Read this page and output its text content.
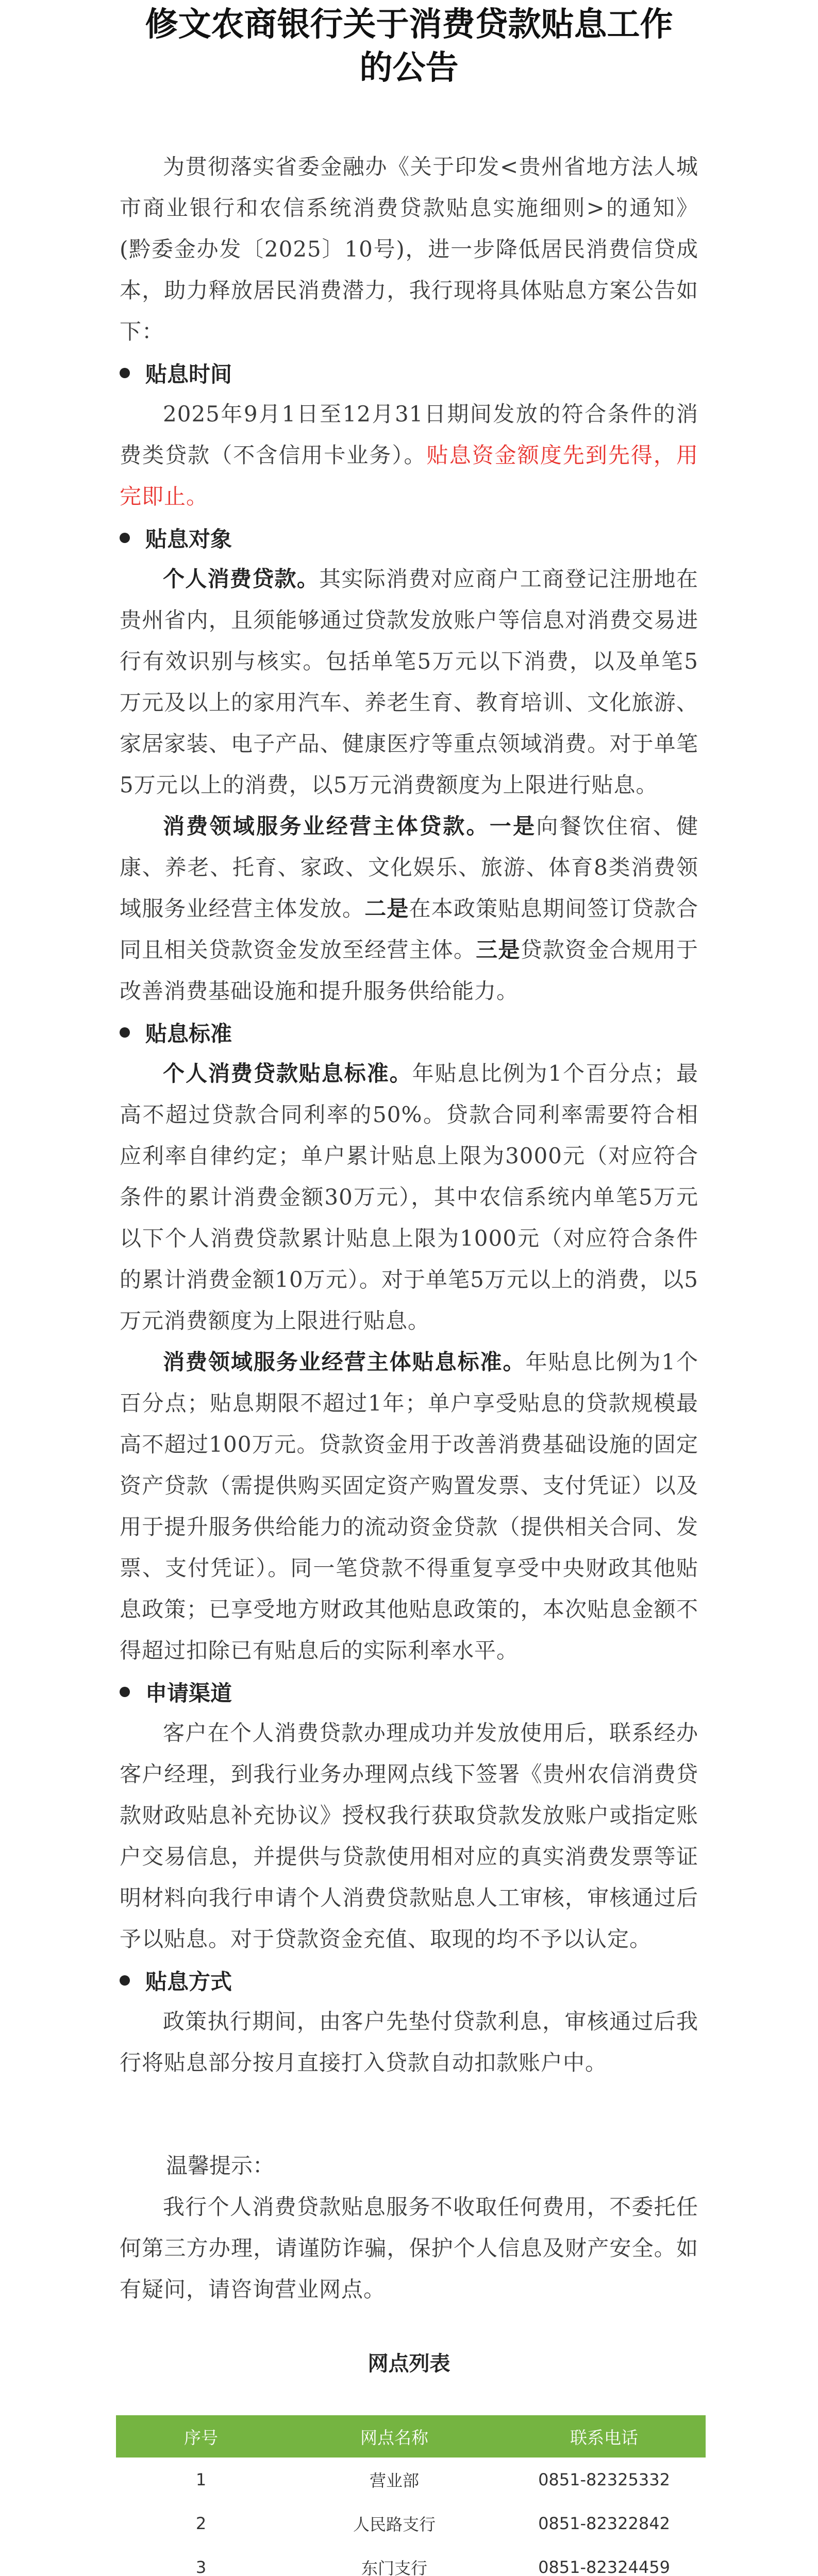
修文农商银行关于消费贷款贴息工作
的公告

为贯彻落实省委金融办《关于印发<贵州省地方法人城市商业银行和农信系统消费贷款贴息实施细则>的通知》(黔委金办发〔2025〕10号)，进一步降低居民消费信贷成本，助力释放居民消费潜力，我行现将具体贴息方案公告如下：

贴息时间

2025年9月1日至12月31日期间发放的符合条件的消费类贷款（不含信用卡业务）。贴息资金额度先到先得，用完即止。

贴息对象

个人消费贷款。其实际消费对应商户工商登记注册地在贵州省内，且须能够通过贷款发放账户等信息对消费交易进行有效识别与核实。包括单笔5万元以下消费，以及单笔5万元及以上的家用汽车、养老生育、教育培训、文化旅游、家居家装、电子产品、健康医疗等重点领域消费。对于单笔5万元以上的消费，以5万元消费额度为上限进行贴息。

消费领域服务业经营主体贷款。一是向餐饮住宿、健康、养老、托育、家政、文化娱乐、旅游、体育8类消费领域服务业经营主体发放。二是在本政策贴息期间签订贷款合同且相关贷款资金发放至经营主体。三是贷款资金合规用于改善消费基础设施和提升服务供给能力。

贴息标准

个人消费贷款贴息标准。年贴息比例为1个百分点；最高不超过贷款合同利率的50%。贷款合同利率需要符合相应利率自律约定；单户累计贴息上限为3000元（对应符合条件的累计消费金额30万元），其中农信系统内单笔5万元以下个人消费贷款累计贴息上限为1000元（对应符合条件的累计消费金额10万元）。对于单笔5万元以上的消费，以5万元消费额度为上限进行贴息。

消费领域服务业经营主体贴息标准。年贴息比例为1个百分点；贴息期限不超过1年；单户享受贴息的贷款规模最高不超过100万元。贷款资金用于改善消费基础设施的固定资产贷款（需提供购买固定资产购置发票、支付凭证）以及用于提升服务供给能力的流动资金贷款（提供相关合同、发票、支付凭证）。同一笔贷款不得重复享受中央财政其他贴息政策；已享受地方财政其他贴息政策的，本次贴息金额不得超过扣除已有贴息后的实际利率水平。

申请渠道

客户在个人消费贷款办理成功并发放使用后，联系经办客户经理，到我行业务办理网点线下签署《贵州农信消费贷款财政贴息补充协议》授权我行获取贷款发放账户或指定账户交易信息，并提供与贷款使用相对应的真实消费发票等证明材料向我行申请个人消费贷款贴息人工审核，审核通过后予以贴息。对于贷款资金充值、取现的均不予以认定。

贴息方式

政策执行期间，由客户先垫付贷款利息，审核通过后我行将贴息部分按月直接打入贷款自动扣款账户中。

温馨提示：

我行个人消费贷款贴息服务不收取任何费用，不委托任何第三方办理，请谨防诈骗，保护个人信息及财产安全。如有疑问，请咨询营业网点。

网点列表
序号	网点名称	联系电话
1	营业部	0851-82325332
2	人民路支行	0851-82322842
3	东门支行	0851-82324459
